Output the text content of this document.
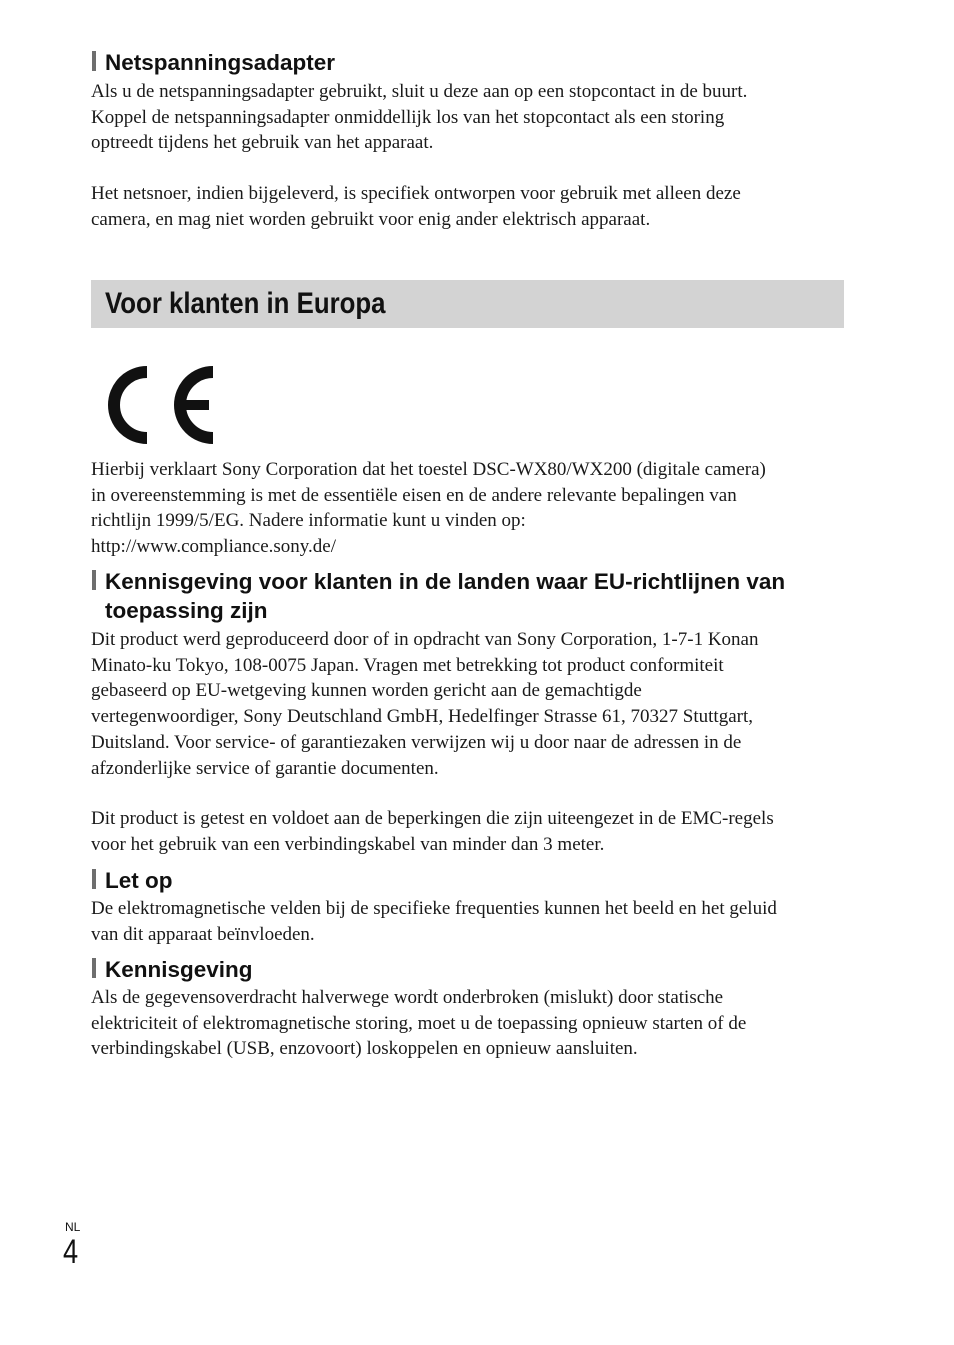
Netspanningsadapter

Als u de netspanningsadapter gebruikt, sluit u deze aan op een stopcontact in de buurt.
Koppel de netspanningsadapter onmiddellijk los van het stopcontact als een storing
optreedt tijdens het gebruik van het apparaat.

Het netsnoer, indien bijgeleverd, is specifiek ontworpen voor gebruik met alleen deze
camera, en mag niet worden gebruikt voor enig ander elektrisch apparaat.

Voor klanten in Europa

Hierbij verklaart Sony Corporation dat het toestel DSC-WX80/WX200 (digitale camera)
in overeenstemming is met de essentiële eisen en de andere relevante bepalingen van
richtlijn 1999/5/EG. Nadere informatie kunt u vinden op:
http://www.compliance.sony.de/

Kennisgeving voor klanten in de landen waar EU-richtlijnen van
toepassing zijn

Dit product werd geproduceerd door of in opdracht van Sony Corporation, 1-7-1 Konan
Minato-ku Tokyo, 108-0075 Japan. Vragen met betrekking tot product conformiteit
gebaseerd op EU-wetgeving kunnen worden gericht aan de gemachtigde
vertegenwoordiger, Sony Deutschland GmbH, Hedelfinger Strasse 61, 70327 Stuttgart,
Duitsland. Voor service- of garantiezaken verwijzen wij u door naar de adressen in de
afzonderlijke service of garantie documenten.

Dit product is getest en voldoet aan de beperkingen die zijn uiteengezet in de EMC-regels
voor het gebruik van een verbindingskabel van minder dan 3 meter.

Let op

De elektromagnetische velden bij de specifieke frequenties kunnen het beeld en het geluid
van dit apparaat beïnvloeden.

Kennisgeving

Als de gegevensoverdracht halverwege wordt onderbroken (mislukt) door statische
elektriciteit of elektromagnetische storing, moet u de toepassing opnieuw starten of de
verbindingskabel (USB, enzovoort) loskoppelen en opnieuw aansluiten.

NL
4
